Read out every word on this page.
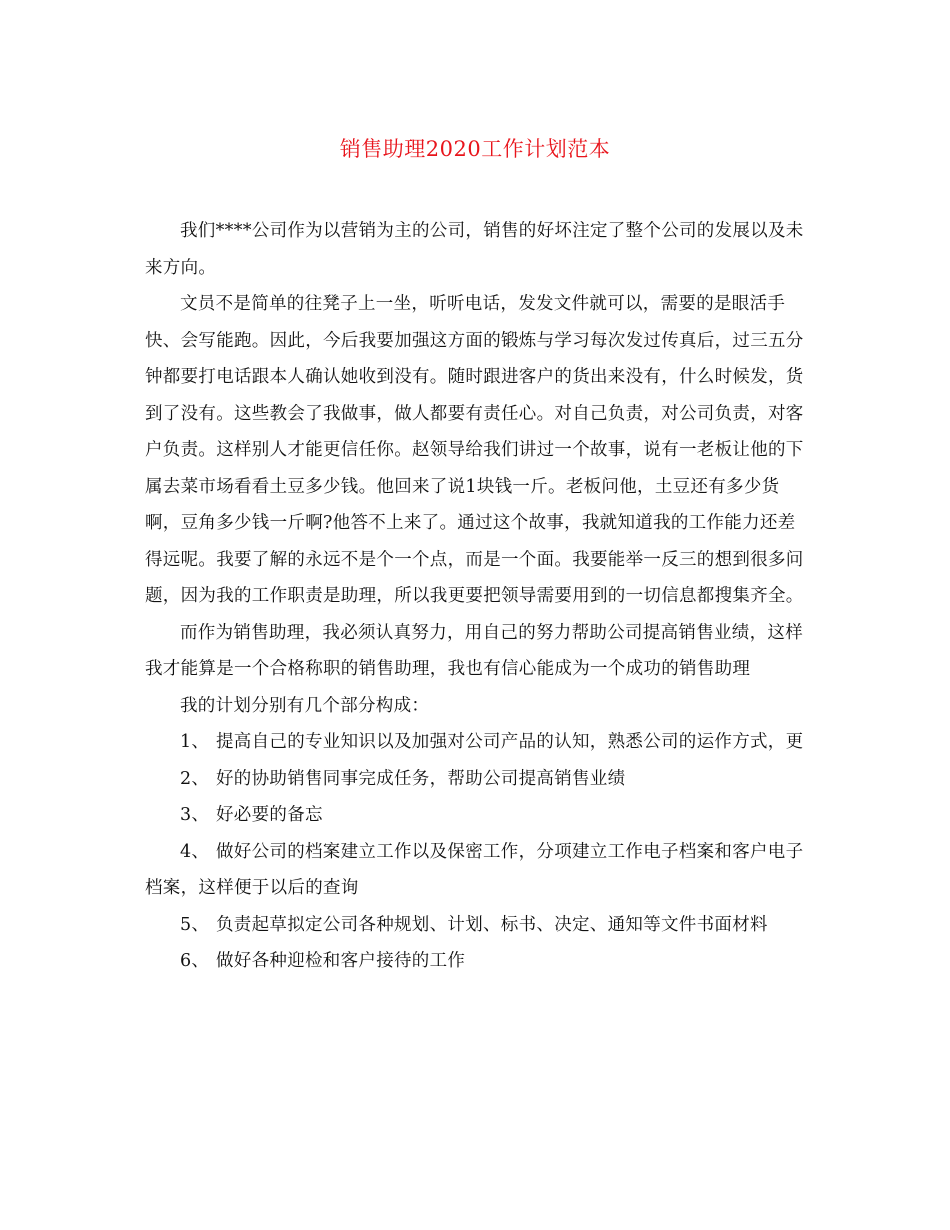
销售助理2020工作计划范本

我们****公司作为以营销为主的公司，销售的好坏注定了整个公司的发展以及未来方向。

文员不是简单的往凳子上一坐，听听电话，发发文件就可以，需要的是眼活手快、会写能跑。因此，今后我要加强这方面的锻炼与学习每次发过传真后，过三五分钟都要打电话跟本人确认她收到没有。随时跟进客户的货出来没有，什么时候发，货到了没有。这些教会了我做事，做人都要有责任心。对自己负责，对公司负责，对客户负责。这样别人才能更信任你。赵领导给我们讲过一个故事，说有一老板让他的下属去菜市场看看土豆多少钱。他回来了说1块钱一斤。老板问他，土豆还有多少货啊，豆角多少钱一斤啊?他答不上来了。通过这个故事，我就知道我的工作能力还差得远呢。我要了解的永远不是个一个点，而是一个面。我要能举一反三的想到很多问题，因为我的工作职责是助理，所以我更要把领导需要用到的一切信息都搜集齐全。

而作为销售助理，我必须认真努力，用自己的努力帮助公司提高销售业绩，这样我才能算是一个合格称职的销售助理，我也有信心能成为一个成功的销售助理

我的计划分别有几个部分构成：

1、 提高自己的专业知识以及加强对公司产品的认知，熟悉公司的运作方式，更

2、 好的协助销售同事完成任务，帮助公司提高销售业绩

3、 好必要的备忘

4、 做好公司的档案建立工作以及保密工作，分项建立工作电子档案和客户电子档案，这样便于以后的查询

5、 负责起草拟定公司各种规划、计划、标书、决定、通知等文件书面材料

6、 做好各种迎检和客户接待的工作
